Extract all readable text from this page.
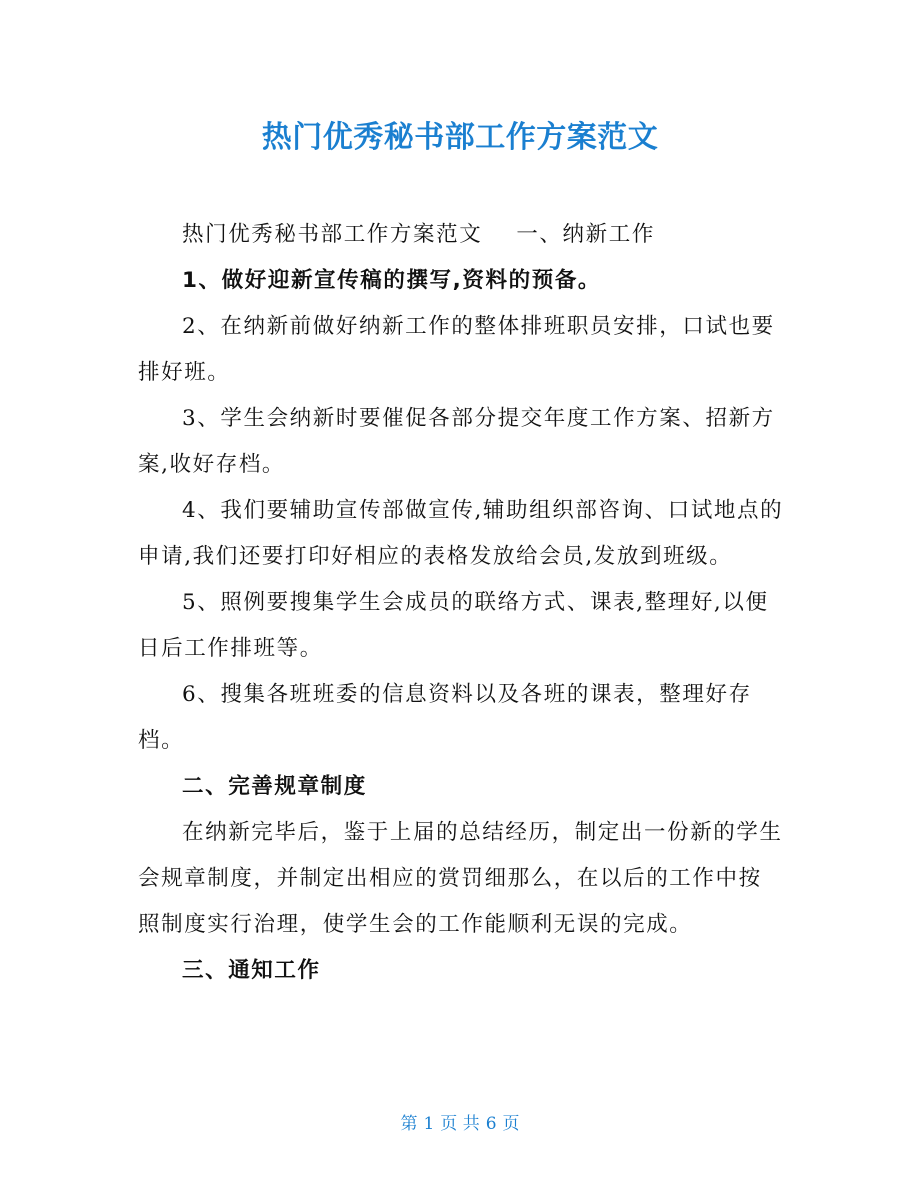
热门优秀秘书部工作方案范文

热门优秀秘书部工作方案范文 一、纳新工作

1、做好迎新宣传稿的撰写,资料的预备。

2、在纳新前做好纳新工作的整体排班职员安排，口试也要排好班。

3、学生会纳新时要催促各部分提交年度工作方案、招新方案,收好存档。

4、我们要辅助宣传部做宣传,辅助组织部咨询、口试地点的申请,我们还要打印好相应的表格发放给会员,发放到班级。

5、照例要搜集学生会成员的联络方式、课表,整理好,以便日后工作排班等。

6、搜集各班班委的信息资料以及各班的课表，整理好存档。

二、完善规章制度

在纳新完毕后，鉴于上届的总结经历，制定出一份新的学生会规章制度，并制定出相应的赏罚细那么，在以后的工作中按照制度实行治理，使学生会的工作能顺利无误的完成。

三、通知工作

第 1 页 共 6 页
